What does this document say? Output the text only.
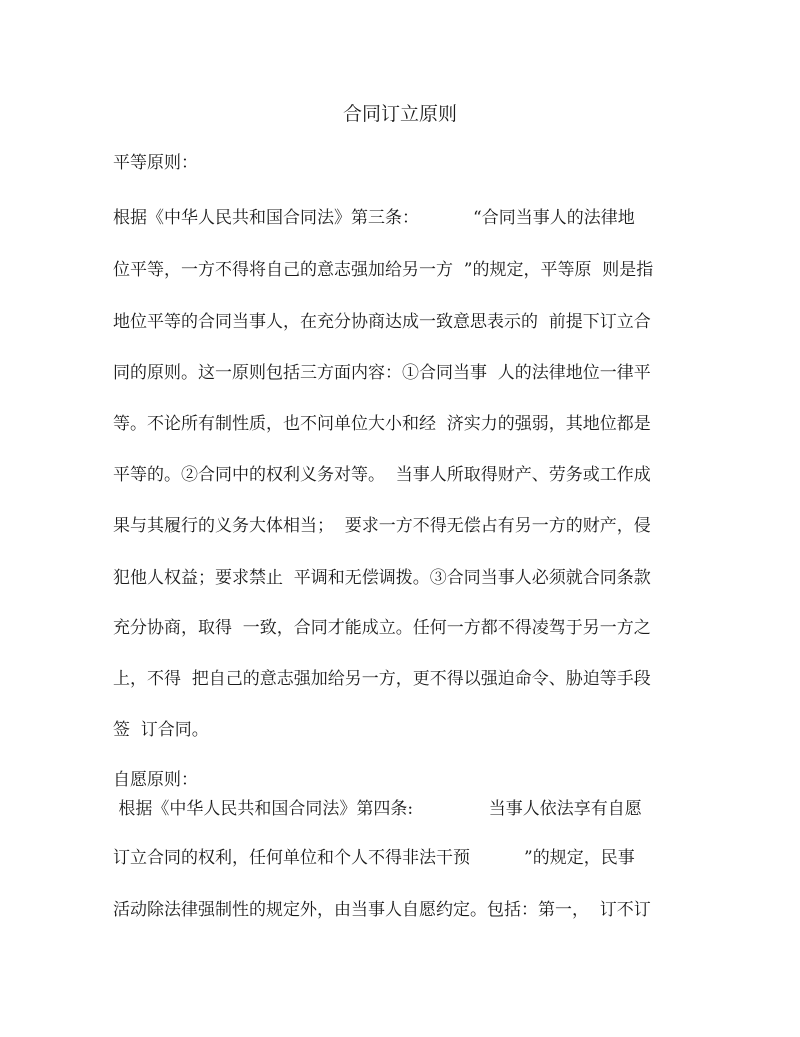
合同订立原则
平等原则：
根据《中华人民共和国合同法》第三条：          “合同当事人的法律地
位平等，一方不得将自己的意志强加给另一方  ”的规定，平等原  则是指
地位平等的合同当事人，在充分协商达成一致意思表示的  前提下订立合
同的原则。这一原则包括三方面内容：①合同当事  人的法律地位一律平
等。不论所有制性质，也不问单位大小和经  济实力的强弱，其地位都是
平等的。②合同中的权利义务对等。  当事人所取得财产、劳务或工作成
果与其履行的义务大体相当；  要求一方不得无偿占有另一方的财产，侵
犯他人权益；要求禁止  平调和无偿调拨。③合同当事人必须就合同条款
充分协商，取得  一致，合同才能成立。任何一方都不得凌驾于另一方之
上，不得  把自己的意志强加给另一方，更不得以强迫命令、胁迫等手段
签  订合同。
自愿原则：
根据《中华人民共和国合同法》第四条:              当事人依法享有自愿
订立合同的权利，任何单位和个人不得非法干预          ”的规定，民事
活动除法律强制性的规定外，由当事人自愿约定。包括：第一，  订不订
